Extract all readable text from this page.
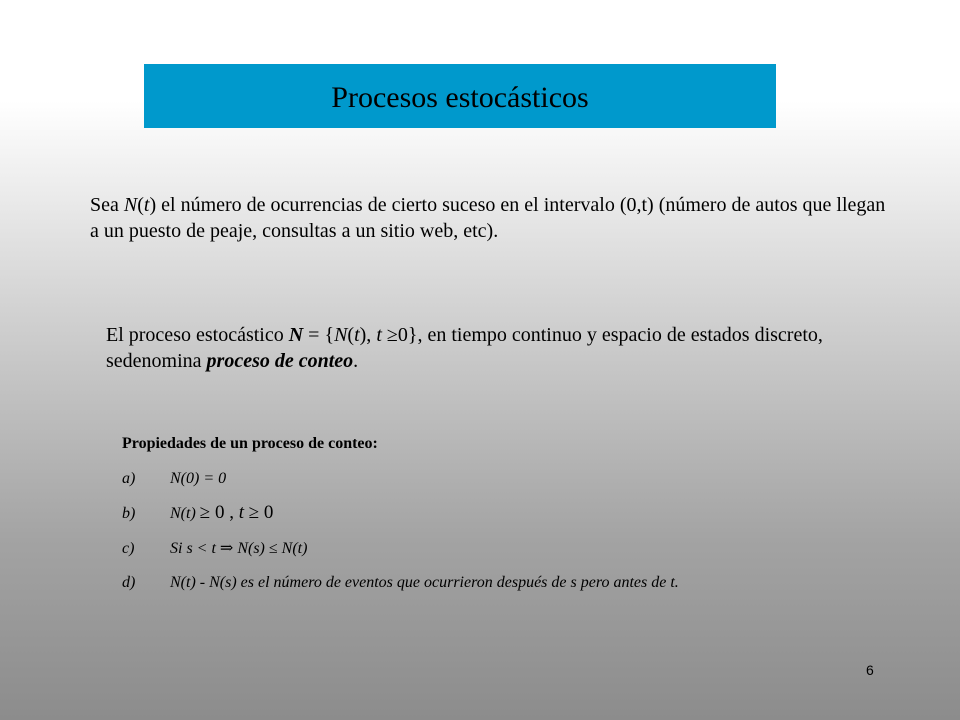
Procesos estocásticos

Sea N(t) el número de ocurrencias de cierto suceso en el intervalo (0,t) (número de autos que llegan a un puesto de peaje, consultas a un sitio web, etc).

El proceso estocástico N = {N(t), t ≥0}, en tiempo continuo y espacio de estados discreto, sedenomina proceso de conteo.

Propiedades de un proceso de conteo:

a)	N(0) = 0
b)	N(t) ≥ 0 , t ≥ 0
c)	Si s < t ⇒ N(s) ≤ N(t)
d)	N(t) - N(s) es el número de eventos que ocurrieron después de s pero antes de t.
6
